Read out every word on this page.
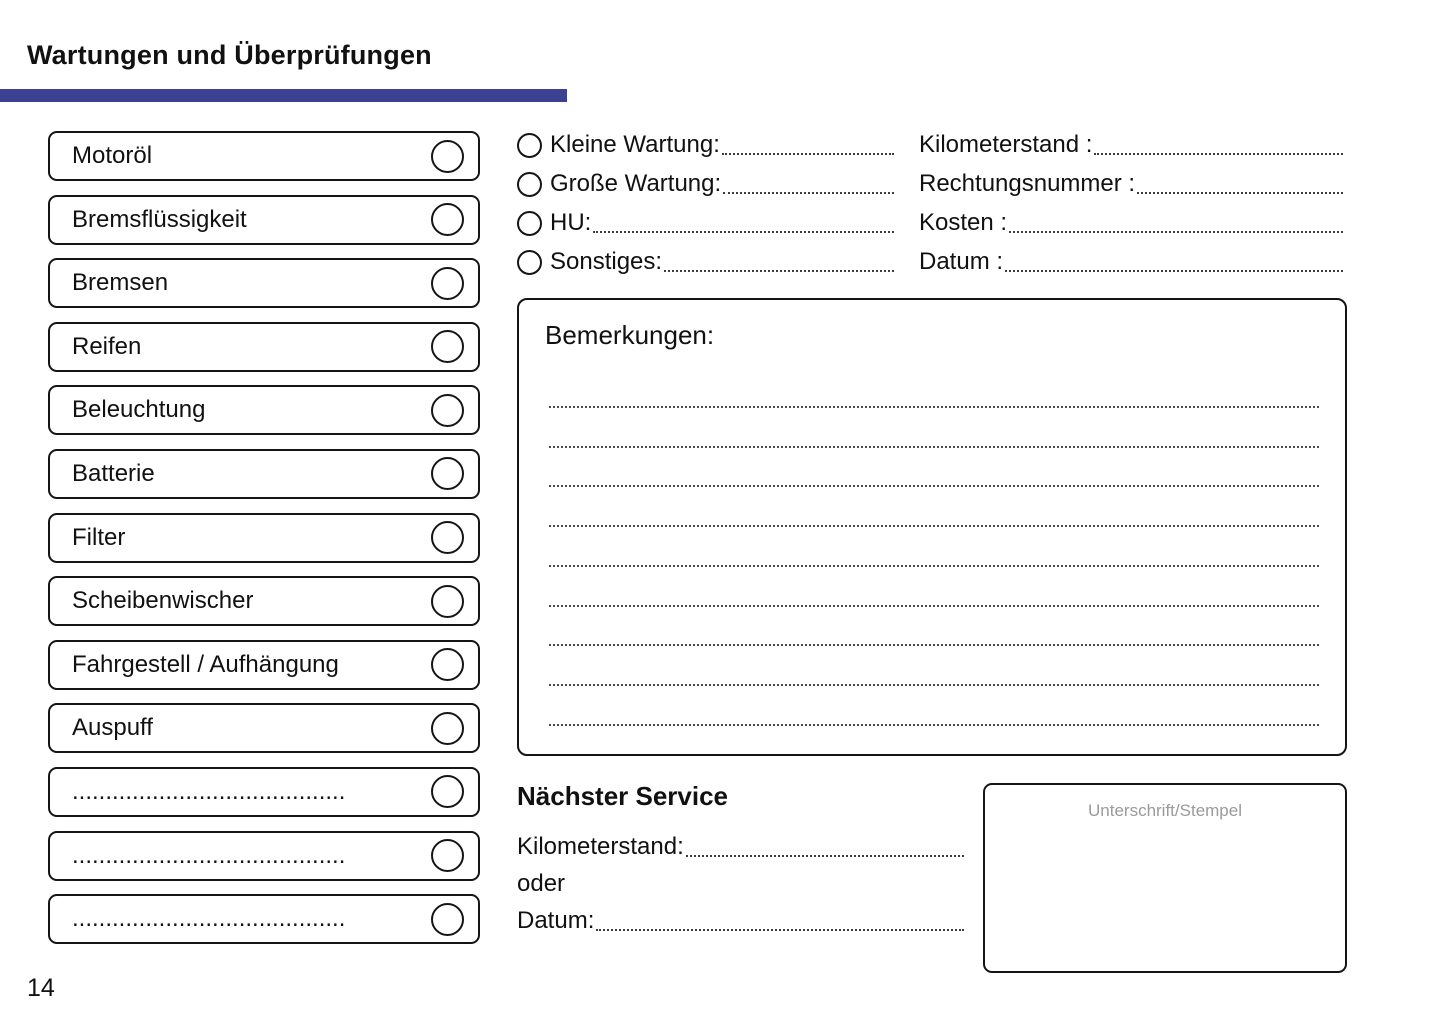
Wartungen und Überprüfungen
Motoröl
Bremsflüssigkeit
Bremsen
Reifen
Beleuchtung
Batterie
Filter
Scheibenwischer
Fahrgestell / Aufhängung
Auspuff
.........................................
.........................................
.........................................
Kleine Wartung:
Große Wartung:
HU:
Sonstiges:
Kilometerstand :
Rechtungsnummer :
Kosten :
Datum :
Bemerkungen:
Nächster Service
Kilometerstand:
oder
Datum:
Unterschrift/Stempel
14
